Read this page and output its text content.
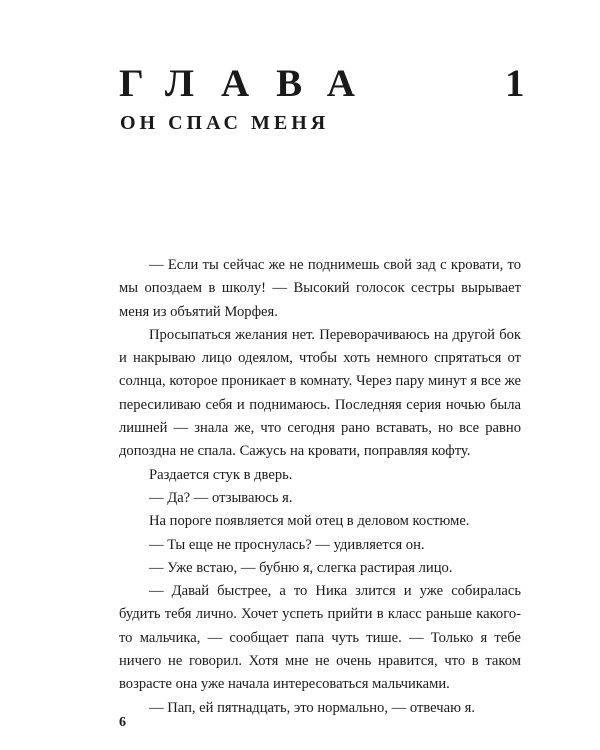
ГЛАВА	1
ОН СПАС МЕНЯ

— Если ты сейчас же не поднимешь свой зад с кровати, то мы опоздаем в школу! — Высокий голосок сестры вырывает меня из объятий Морфея.

Просыпаться желания нет. Переворачиваюсь на другой бок и накрываю лицо одеялом, чтобы хоть немного спрятаться от солнца, которое проникает в комнату. Через пару минут я все же пересиливаю себя и поднимаюсь. Последняя серия ночью была лишней — знала же, что сегодня рано вставать, но все равно допоздна не спала. Сажусь на кровати, поправляя кофту.

Раздается стук в дверь.

— Да? — отзываюсь я.

На пороге появляется мой отец в деловом костюме.

— Ты еще не проснулась? — удивляется он.

— Уже встаю, — бубню я, слегка растирая лицо.

— Давай быстрее, а то Ника злится и уже собиралась будить тебя лично. Хочет успеть прийти в класс раньше какого-то мальчика, — сообщает папа чуть тише. — Только я тебе ничего не говорил. Хотя мне не очень нравится, что в таком возрасте она уже начала интересоваться мальчиками.

— Пап, ей пятнадцать, это нормально, — отвечаю я.

6
